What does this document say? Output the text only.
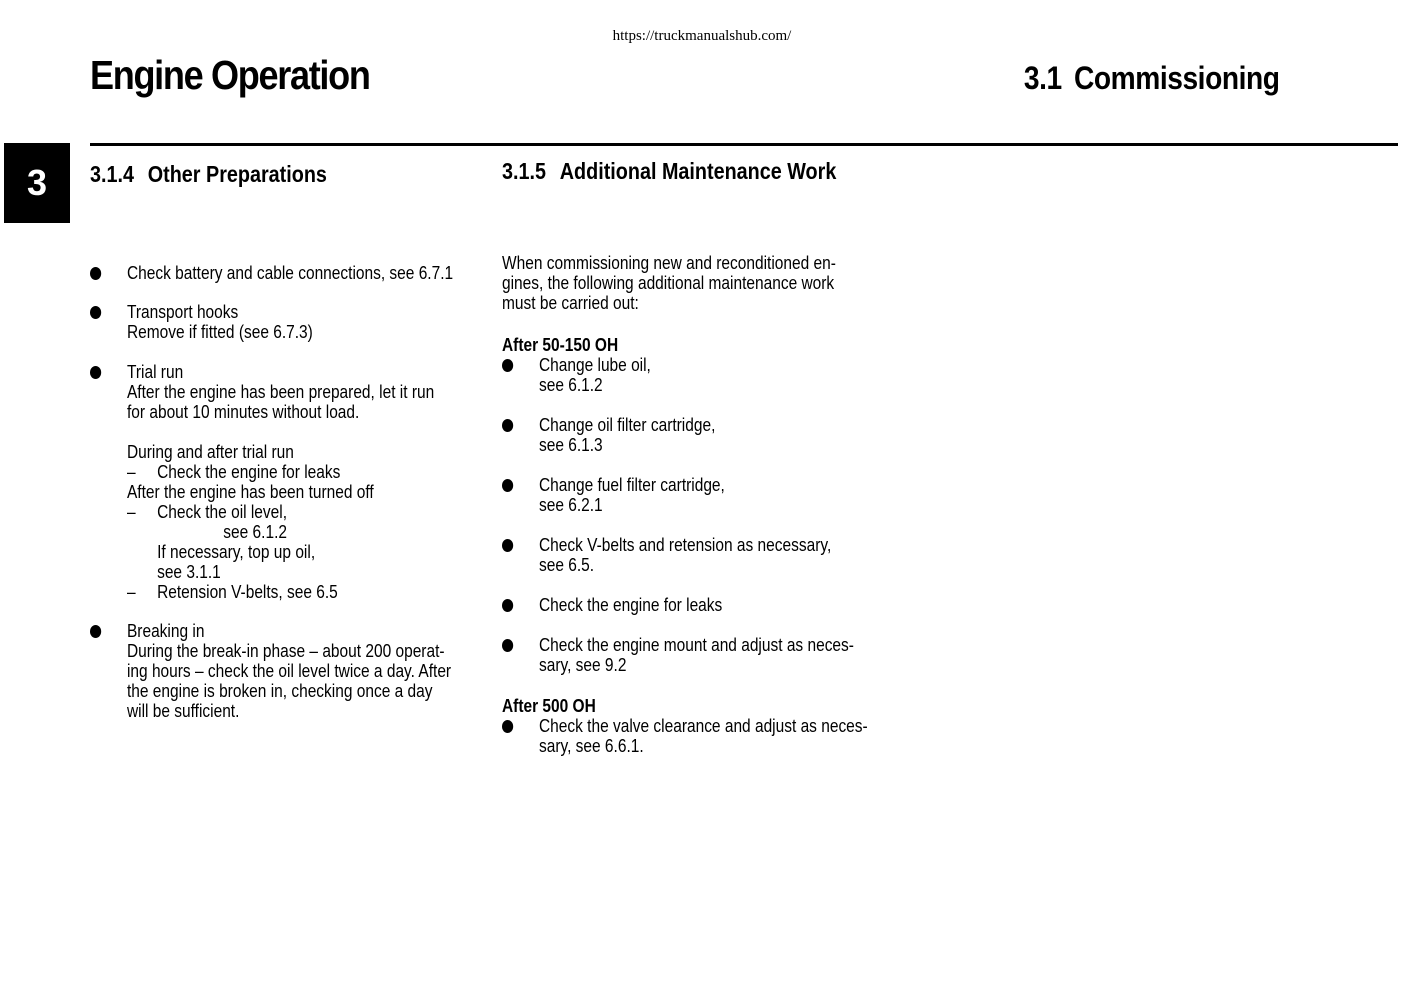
https://truckmanualshub.com/
Engine Operation	3.1 Commissioning
3 3.1.4 Other Preparations
Check battery and cable connections, see 6.7.1
Transport hooks
Remove if fitted (see 6.7.3)
Trial run
After the engine has been prepared, let it run
for about 10 minutes without load.
During and after trial run
– Check the engine for leaks
After the engine has been turned off
– Check the oil level,
see 6.1.2
If necessary, top up oil,
see 3.1.1
– Retension V-belts, see 6.5
Breaking in
During the break-in phase – about 200 operat-
ing hours – check the oil level twice a day. After
the engine is broken in, checking once a day
will be sufficient.
3.1.5 Additional Maintenance Work
When commissioning new and reconditioned en-
gines, the following additional maintenance work
must be carried out:
After 50-150 OH
Change lube oil,
see 6.1.2
Change oil filter cartridge,
see 6.1.3
Change fuel filter cartridge,
see 6.2.1
Check V-belts and retension as necessary,
see 6.5.
Check the engine for leaks
Check the engine mount and adjust as neces-
sary, see 9.2
After 500 OH
Check the valve clearance and adjust as neces-
sary, see 6.6.1.
